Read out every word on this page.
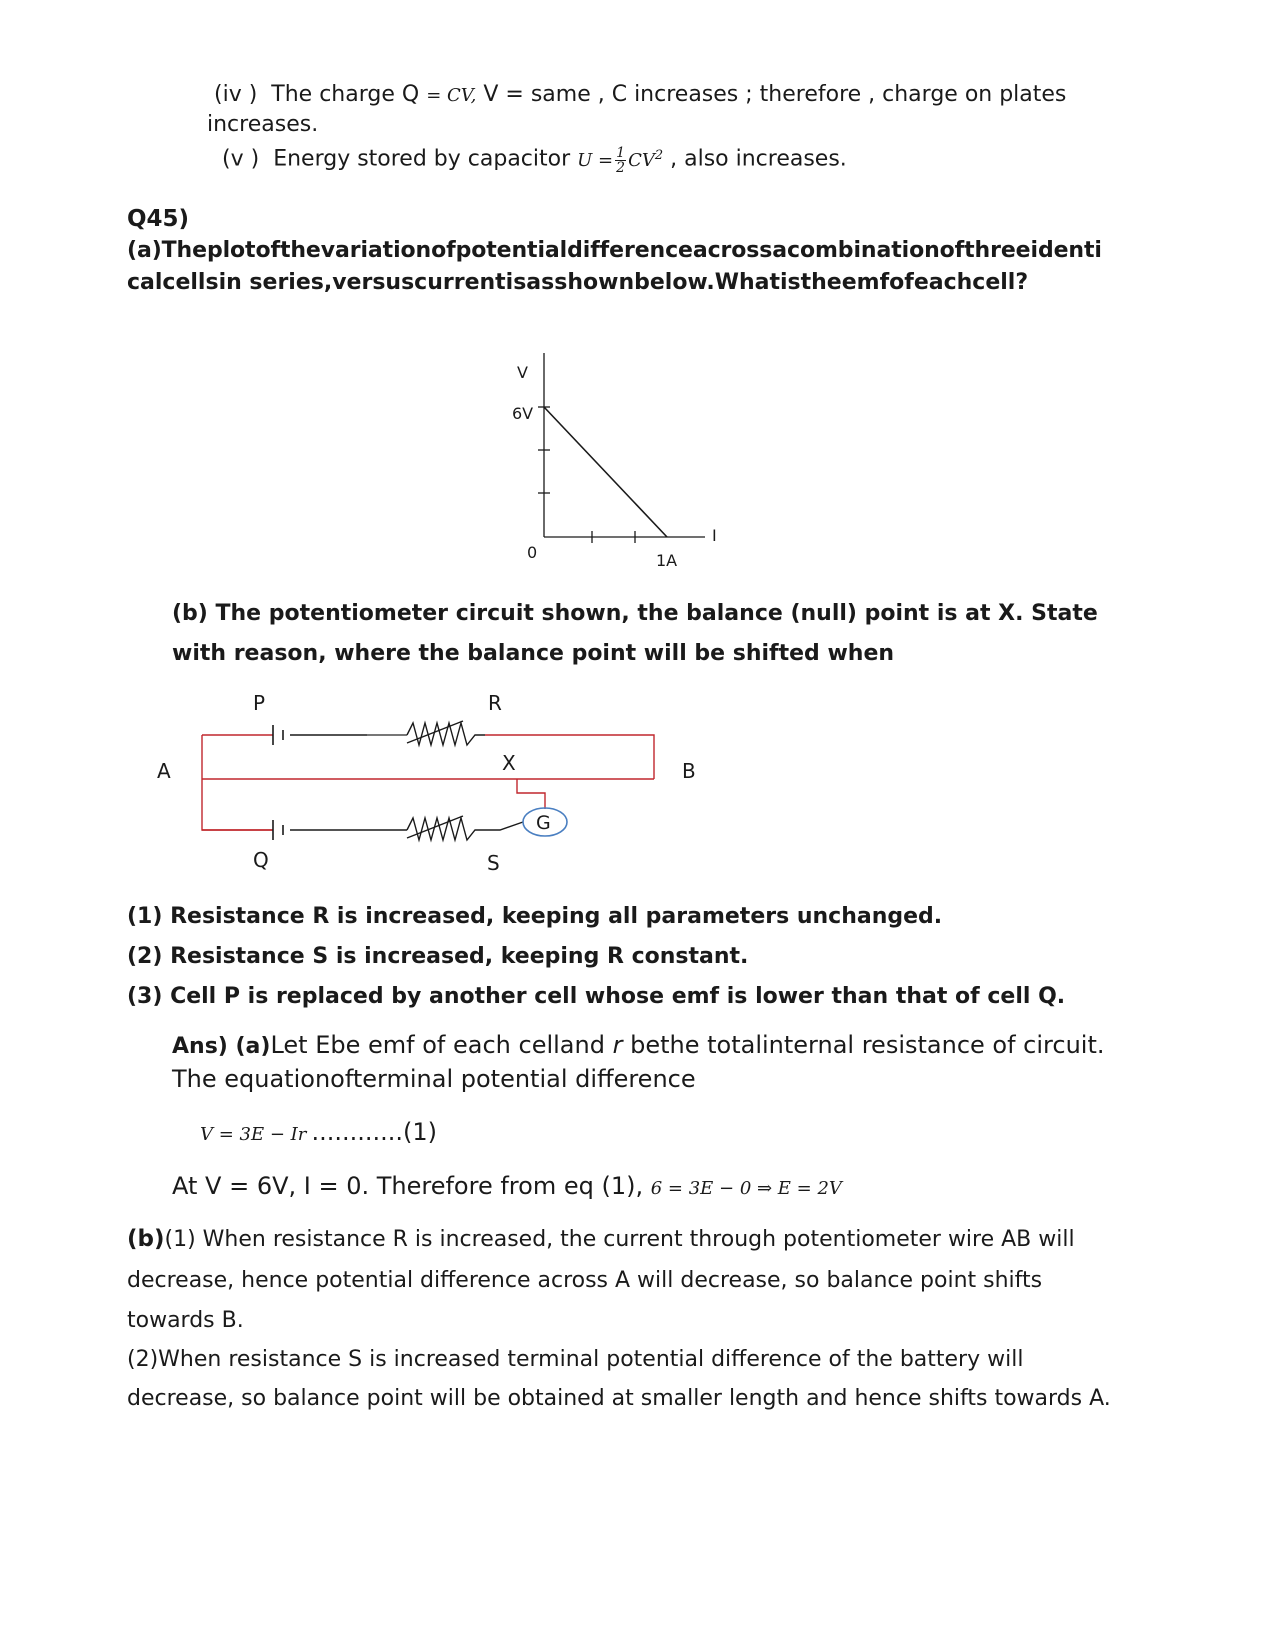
(iv ) The charge Q = CV, V = same , C increases ; therefore , charge on plates
increases.
(v ) Energy stored by capacitor $U = \frac{1}{2} CV^2$ , also increases.
Q45)
(a)Theplotofthevariationofpotentialdifferenceacrossacombinationofthreeidenti
calcellsin series,versuscurrentisasshownbelow.Whatistheemfofeachcell?
V
6V
0	1A
I
(b) The potentiometer circuit shown, the balance (null) point is at X. State
with reason, where the balance point will be shifted when
P	R
A	B
X
G
Q	S
(1) Resistance R is increased, keeping all parameters unchanged.
(2) Resistance S is increased, keeping R constant.
(3) Cell P is replaced by another cell whose emf is lower than that of cell Q.
Ans) (a)Let Ebe emf of each celland r bethe totalinternal resistance of circuit.
The equationofterminal potential difference
V = 3E − Ir ............(1)
At V = 6V, I = 0. Therefore from eq (1), 6 = 3E − 0 ⇒ E = 2V
(b)(1) When resistance R is increased, the current through potentiometer wire AB will
decrease, hence potential difference across A will decrease, so balance point shifts
towards B.
(2)When resistance S is increased terminal potential difference of the battery will
decrease, so balance point will be obtained at smaller length and hence shifts towards A.
